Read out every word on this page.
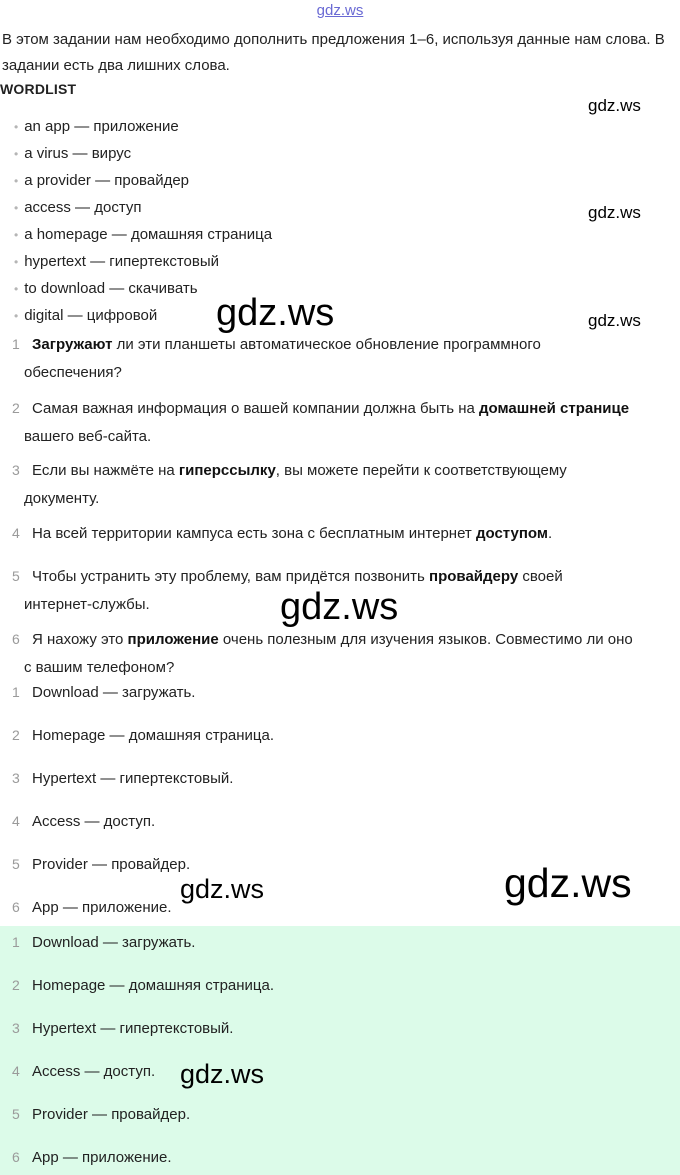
gdz.ws

В этом задании нам необходимо дополнить предложения 1–6, используя данные нам слова. В задании есть два лишних слова.

WORDLIST
• an app — приложение
• a virus — вирус
• a provider — провайдер
• access — доступ
• a homepage — домашняя страница
• hypertext — гипертекстовый
• to download — скачивать
• digital — цифровой
1 Загружают ли эти планшеты автоматическое обновление программного
обеспечения?
2 Самая важная информация о вашей компании должна быть на домашней странице
вашего веб-сайта.
3 Если вы нажмёте на гиперссылку, вы можете перейти к соответствующему
документу.
4 На всей территории кампуса есть зона с бесплатным интернет доступом.
5 Чтобы устранить эту проблему, вам придётся позвонить провайдеру своей
интернет-службы.
6 Я нахожу это приложение очень полезным для изучения языков. Совместимо ли оно
с вашим телефоном?
1 Download — загружать.
2 Homepage — домашняя страница.
3 Hypertext — гипертекстовый.
4 Access — доступ.
5 Provider — провайдер.
6 App — приложение.
1 Download — загружать.
2 Homepage — домашняя страница.
3 Hypertext — гипертекстовый.
4 Access — доступ.
5 Provider — провайдер.
6 App — приложение.
gdz.ws
gdz.ws
gdz.ws
gdz.ws
gdz.ws
gdz.ws	gdz.ws
gdz.ws
